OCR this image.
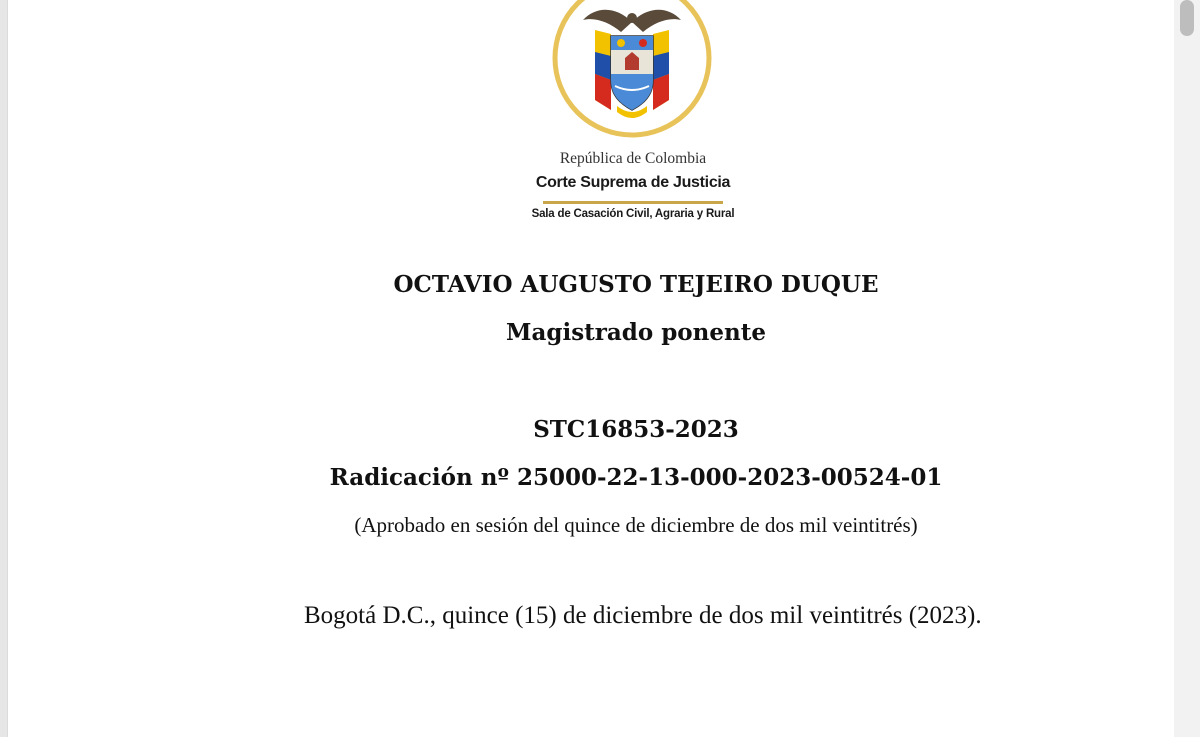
República de Colombia
Corte Suprema de Justicia
Sala de Casación Civil, Agraria y Rural
OCTAVIO AUGUSTO TEJEIRO DUQUE
Magistrado ponente
STC16853-2023
Radicación nº 25000-22-13-000-2023-00524-01
(Aprobado en sesión del quince de diciembre de dos mil veintitrés)
Bogotá D.C., quince (15) de diciembre de dos mil veintitrés (2023).
